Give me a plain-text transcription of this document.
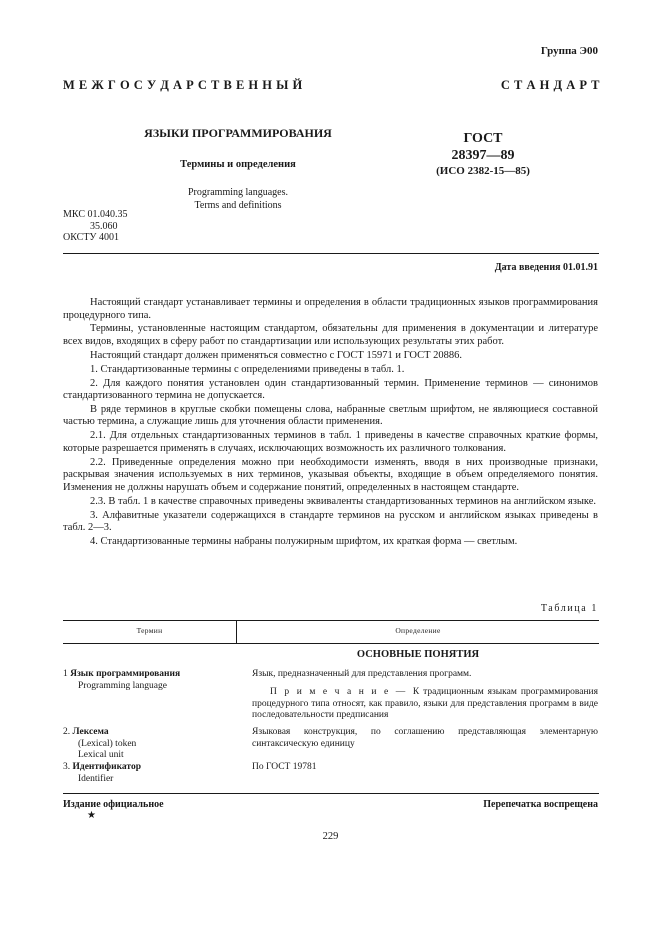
Группа Э00
М Е Ж Г О С У Д А Р С Т В Е Н Н Ы Й	С Т А Н Д А Р Т

ЯЗЫКИ ПРОГРАММИРОВАНИЯ

Термины и определения

Programming languages.
Terms and definitions
ГОСТ
28397—89
(ИСО 2382-15—85)
МКС 01.040.35
35.060
ОКСТУ 4001
Дата введения 01.01.91

Настоящий стандарт устанавливает термины и определения в области традиционных языков программирования процедурного типа.

Термины, установленные настоящим стандартом, обязательны для применения в документации и литературе всех видов, входящих в сферу работ по стандартизации или использующих результаты этих работ.

Настоящий стандарт должен применяться совместно с ГОСТ 15971 и ГОСТ 20886.

1. Стандартизованные термины с определениями приведены в табл. 1.

2. Для каждого понятия установлен один стандартизованный термин. Применение терминов — синонимов стандартизованного термина не допускается.

В ряде терминов в круглые скобки помещены слова, набранные светлым шрифтом, не являющиеся составной частью термина, а служащие лишь для уточнения области применения.

2.1. Для отдельных стандартизованных терминов в табл. 1 приведены в качестве справочных краткие формы, которые разрешается применять в случаях, исключающих возможность их различного толкования.

2.2. Приведенные определения можно при необходимости изменять, вводя в них производные признаки, раскрывая значения используемых в них терминов, указывая объекты, входящие в объем определяемого понятия. Изменения не должны нарушать объем и содержание понятий, определенных в настоящем стандарте.

2.3. В табл. 1 в качестве справочных приведены эквиваленты стандартизованных терминов на английском языке.

3. Алфавитные указатели содержащихся в стандарте терминов на русском и английском языках приведены в табл. 2—3.

4. Стандартизованные термины набраны полужирным шрифтом, их краткая форма — светлым.

Таблица 1
Термин	Определение
ОСНОВНЫЕ ПОНЯТИЯ
1 Язык программирования
Programming language
Язык, предназначенный для представления программ.
П р и м е ч а н и е — К традиционным языкам программирования процедурного типа относят, как правило, языки для представления программ в виде последовательности предписания
2. Лексема
(Lexical) token
Lexical unit
Языковая конструкция, по соглашению представляющая элементарную синтаксическую единицу
3. Идентификатор
Identifier
По ГОСТ 19781
Издание официальное
★
Перепечатка воспрещена
229
